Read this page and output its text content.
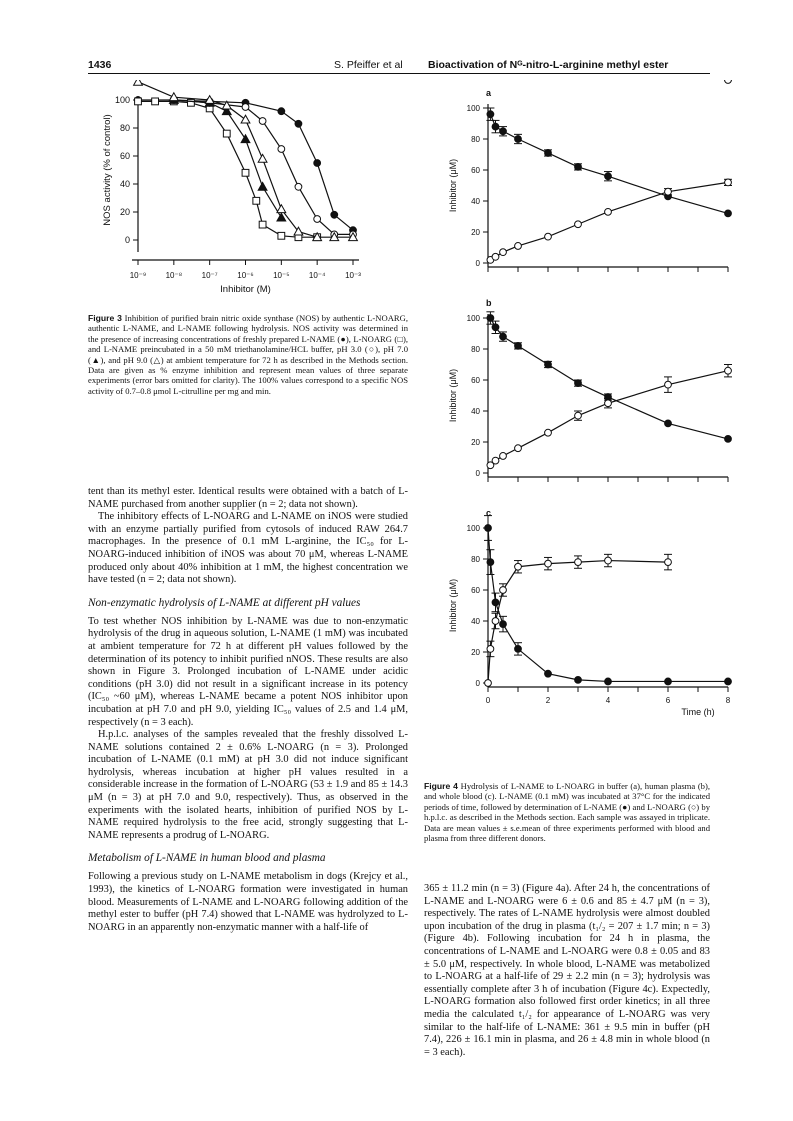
1436	S. Pfeiffer et al Bioactivation of Nᴳ-nitro-L-arginine methyl ester
0
20
40
60
80
100
10⁻⁹ 10⁻⁸ 10⁻⁷ 10⁻⁶ 10⁻⁵ 10⁻⁴ 10⁻³
Inhibitor (M)
NOS activity (% of control)
Figure 3 Inhibition of purified brain nitric oxide synthase (NOS) by authentic L-NOARG, authentic L-NAME, and L-NAME following hydrolysis. NOS activity was determined in the presence of increasing concentrations of freshly prepared L-NAME (●), L-NOARG (□), and L-NAME preincubated in a 50 mM triethanolamine/HCL buffer, pH 3.0 (○), pH 7.0 (▲), and pH 9.0 (△) at ambient temperature for 72 h as described in the Methods section. Data are given as % enzyme inhibition and represent mean values of three separate experiments (error bars omitted for clarity). The 100% values correspond to a specific NOS activity of 0.7–0.8 μmol L-citrulline per mg and min.
a
0
20
40
60
80
100
Inhibitor (μM)
b
0
20
40
60
80
100
Inhibitor (μM)
c
0
20
40
60
80
100
Inhibitor (μM)
0	2	4	6	8
Time (h)
Figure 4 Hydrolysis of L-NAME to L-NOARG in buffer (a), human plasma (b), and whole blood (c). L-NAME (0.1 mM) was incubated at 37°C for the indicated periods of time, followed by determination of L-NAME (●) and L-NOARG (○) by h.p.l.c. as described in the Methods section. Each sample was assayed in triplicate. Data are mean values ± s.e.mean of three experiments performed with blood and plasma from three different donors.

tent than its methyl ester. Identical results were obtained with a batch of L-NAME purchased from another supplier (n = 2; data not shown).

The inhibitory effects of L-NOARG and L-NAME on iNOS were studied with an enzyme partially purified from cytosols of induced RAW 264.7 macrophages. In the presence of 0.1 mM L-arginine, the IC₅₀ for L-NOARG-induced inhibition of iNOS was about 70 μM, whereas L-NAME produced only about 40% inhibition at 1 mM, the highest concentration we have tested (n = 2; data not shown).

Non-enzymatic hydrolysis of L-NAME at different pH values

To test whether NOS inhibition by L-NAME was due to non-enzymatic hydrolysis of the drug in aqueous solution, L-NAME (1 mM) was incubated at ambient temperature for 72 h at different pH values followed by the determination of its potency to inhibit purified nNOS. These results are also shown in Figure 3. Prolonged incubation of L-NAME under acidic conditions (pH 3.0) did not result in a significant increase in its potency (IC₅₀ ~60 μM), whereas L-NAME became a potent NOS inhibitor upon incubation at pH 7.0 and pH 9.0, yielding IC₅₀ values of 2.5 and 1.4 μM, respectively (n = 3 each).

H.p.l.c. analyses of the samples revealed that the freshly dissolved L-NAME solutions contained 2 ± 0.6% L-NOARG (n = 3). Prolonged incubation of L-NAME (0.1 mM) at pH 3.0 did not induce significant hydrolysis, whereas incubation at higher pH values resulted in a considerable increase in the formation of L-NOARG (53 ± 1.9 and 85 ± 14.3 μM (n = 3) at pH 7.0 and 9.0, respectively). Thus, as observed in the experiments with the isolated hearts, inhibition of purified NOS by L-NAME required hydrolysis to the free acid, strongly suggesting that L-NAME represents a prodrug of L-NOARG.

Metabolism of L-NAME in human blood and plasma

Following a previous study on L-NAME metabolism in dogs (Krejcy et al., 1993), the kinetics of L-NOARG formation were investigated in human blood. Measurements of L-NAME and L-NOARG following addition of the methyl ester to buffer (pH 7.4) showed that L-NAME was hydrolyzed to L-NOARG in an apparently non-enzymatic manner with a half-life of

365 ± 11.2 min (n = 3) (Figure 4a). After 24 h, the concentrations of L-NAME and L-NOARG were 6 ± 0.6 and 85 ± 4.7 μM (n = 3), respectively. The rates of L-NAME hydrolysis were almost doubled upon incubation of the drug in plasma (t₁/₂ = 207 ± 1.7 min; n = 3) (Figure 4b). Following incubation for 24 h in plasma, the concentrations of L-NAME and L-NOARG were 0.8 ± 0.05 and 83 ± 5.0 μM, respectively. In whole blood, L-NAME was metabolized to L-NOARG at a half-life of 29 ± 2.2 min (n = 3); hydrolysis was essentially complete after 3 h of incubation (Figure 4c). Expectedly, L-NOARG formation also followed first order kinetics; in all three media the calculated t₁/₂ for appearance of L-NOARG was very similar to the half-life of L-NAME: 361 ± 9.5 min in buffer (pH 7.4), 226 ± 16.1 min in plasma, and 26 ± 4.8 min in whole blood (n = 3 each).
